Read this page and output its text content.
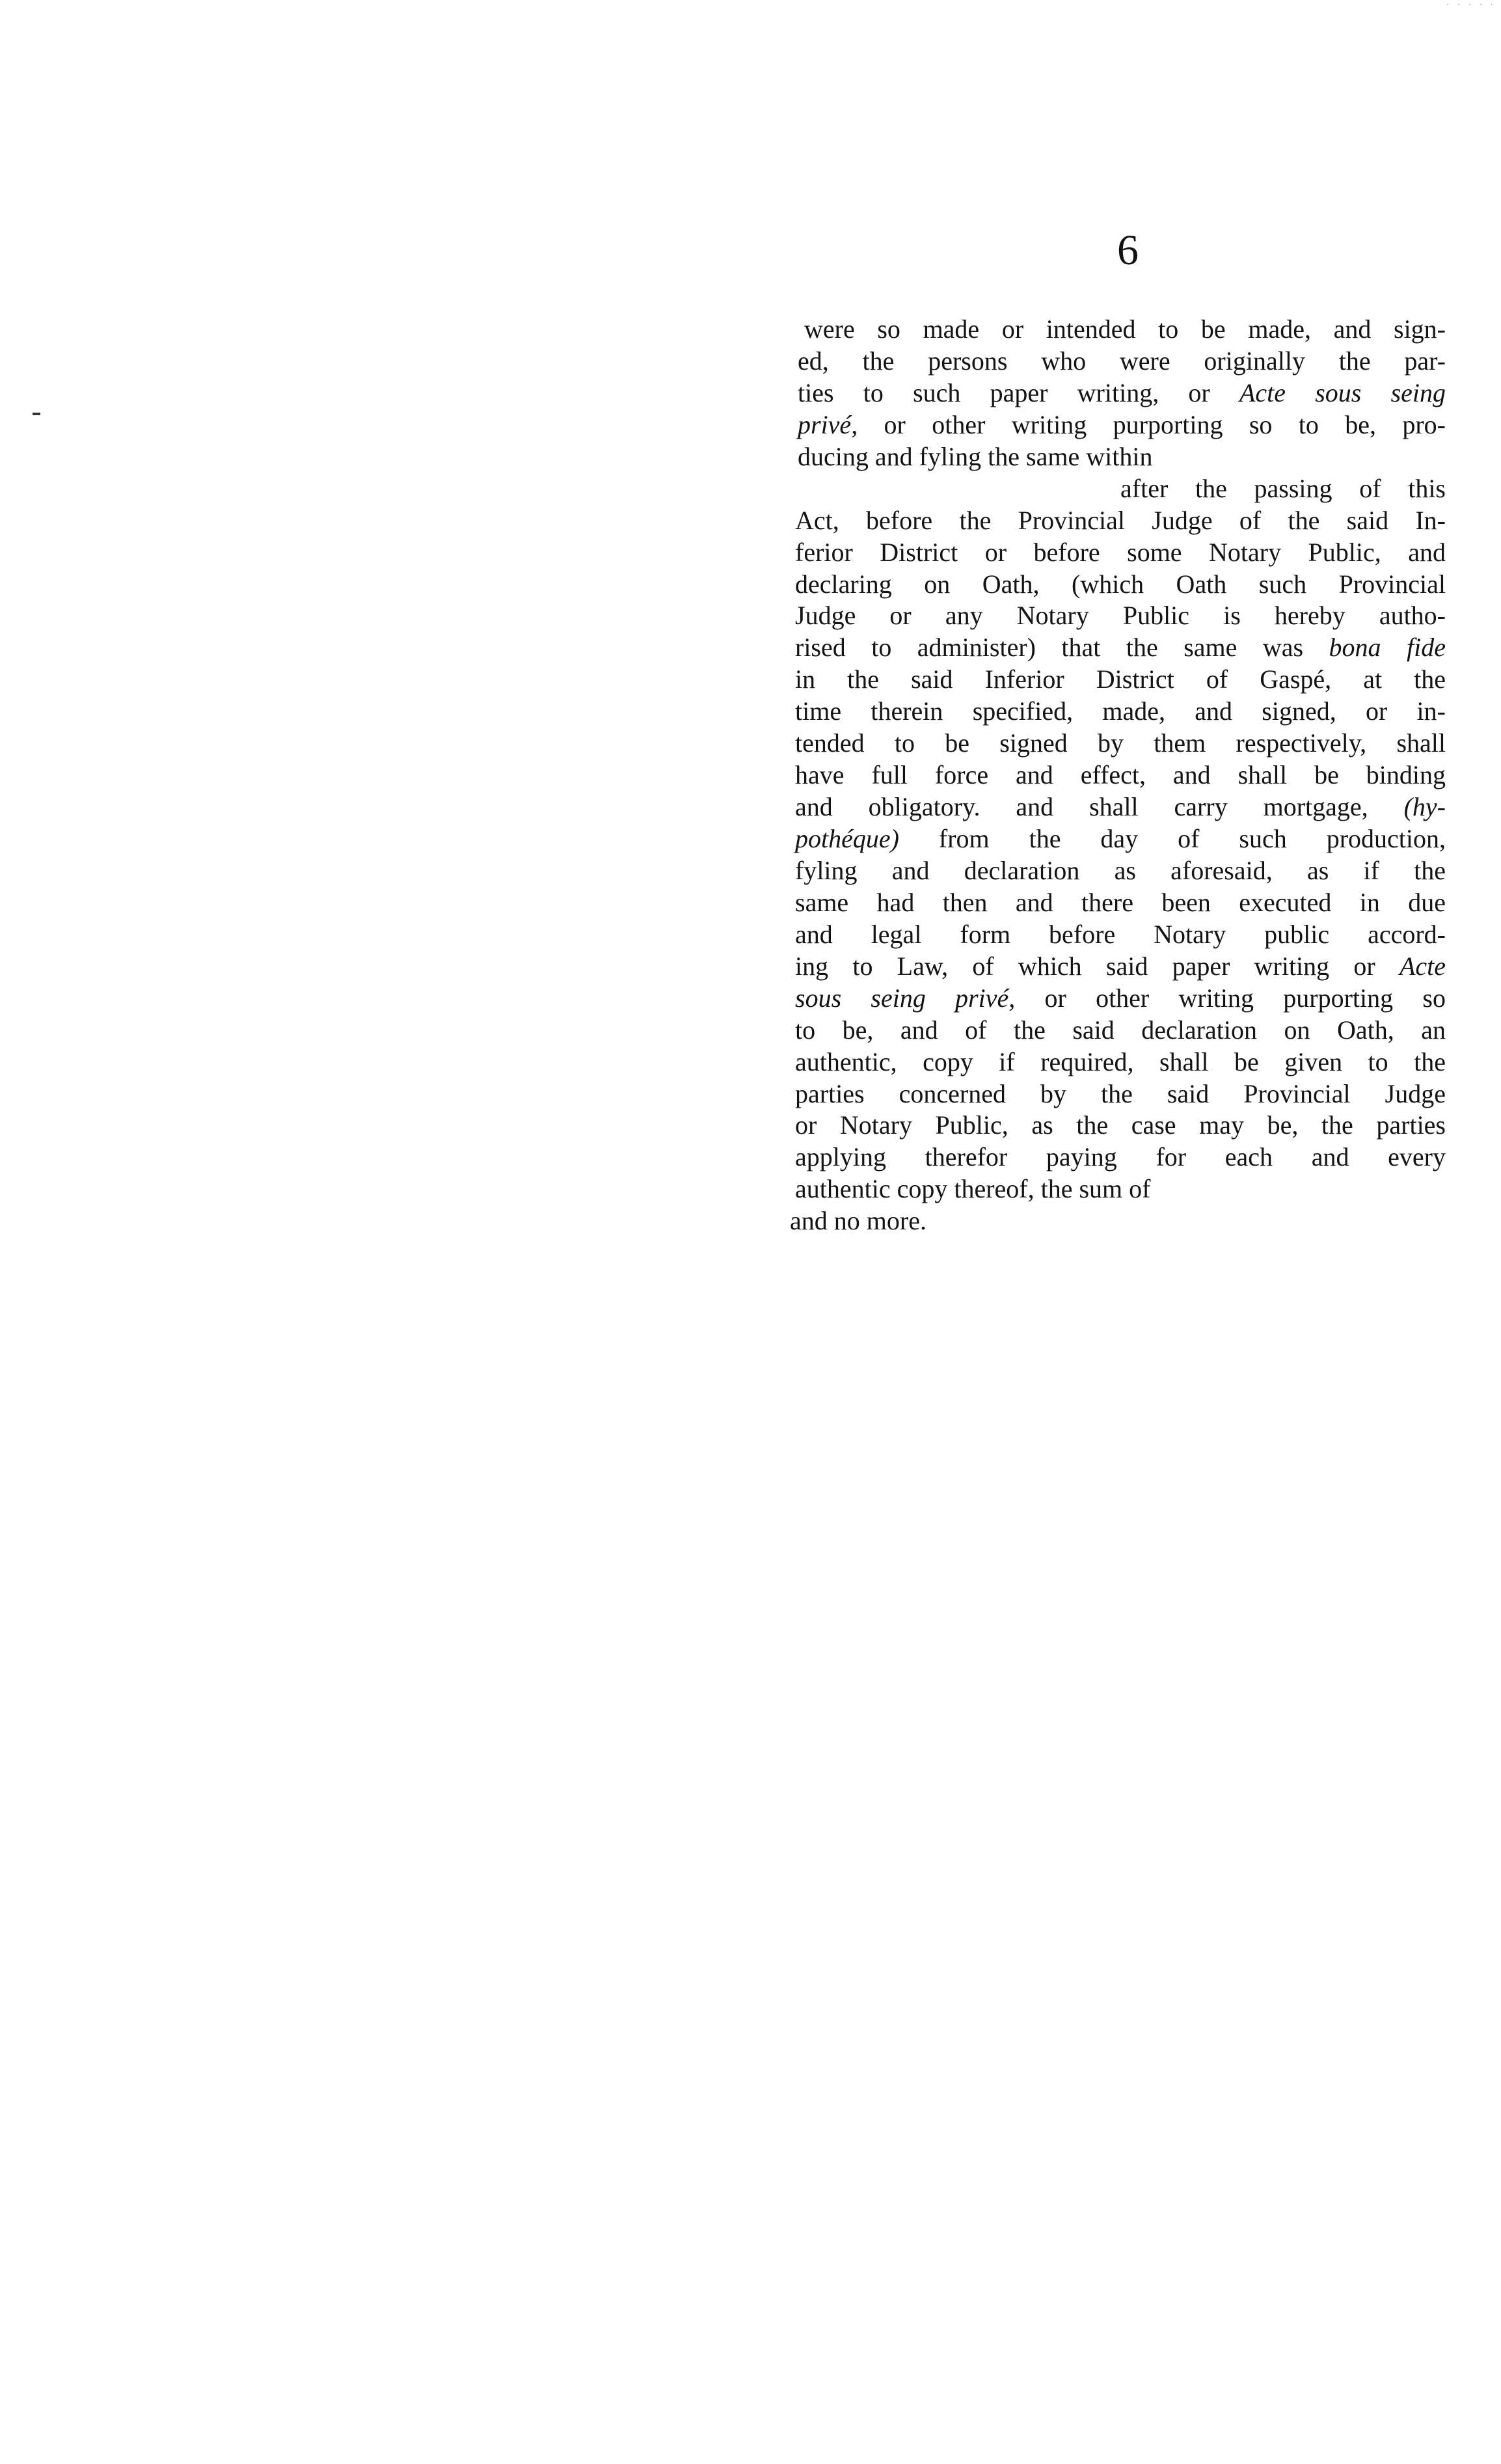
· · · · ·
6
were so made or intended to be made, and sign-
ed, the persons who were originally the par-
ties to such paper writing, or Acte sous seing
privé, or other writing purporting so to be, pro-
ducing and fyling the same within
after the passing of this
Act, before the Provincial Judge of the said In-
ferior District or before some Notary Public, and
declaring on Oath, (which Oath such Provincial
Judge or any Notary Public is hereby autho-
rised to administer) that the same was bona fide
in the said Inferior District of Gaspé, at the
time therein specified, made, and signed, or in-
tended to be signed by them respectively, shall
have full force and effect, and shall be binding
and obligatory. and shall carry mortgage, (hy-
pothéque) from the day of such production,
fyling and declaration as aforesaid, as if the
same had then and there been executed in due
and legal form before Notary public accord-
ing to Law, of which said paper writing or Acte
sous seing privé, or other writing purporting so
to be, and of the said declaration on Oath, an
authentic, copy if required, shall be given to the
parties concerned by the said Provincial Judge
or Notary Public, as the case may be, the parties
applying therefor paying for each and every
authentic copy thereof, the sum of
and no more.
